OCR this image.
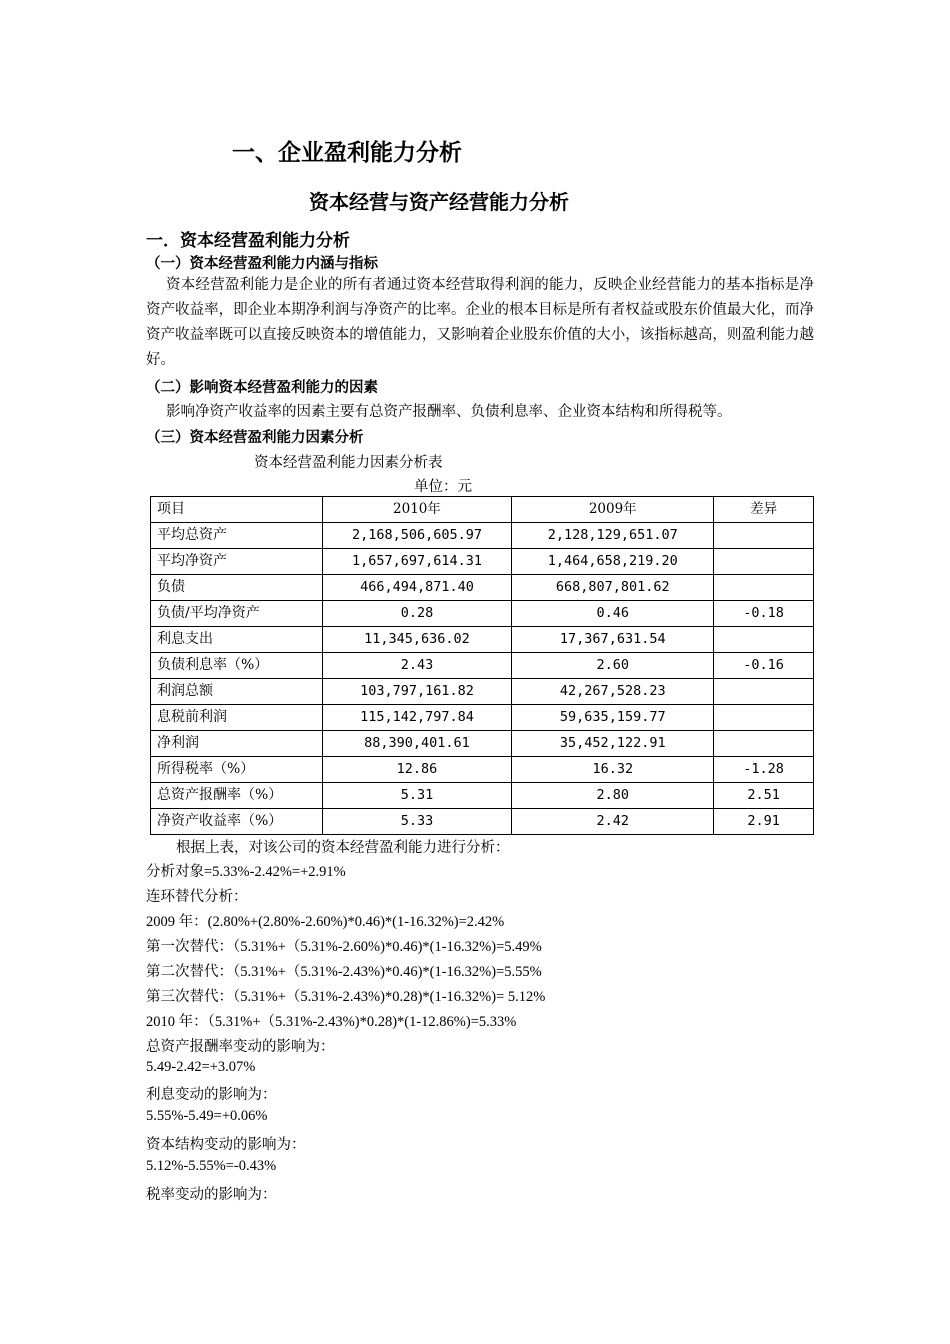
一、企业盈利能力分析
资本经营与资产经营能力分析
一．资本经营盈利能力分析
（一）资本经营盈利能力内涵与指标
资本经营盈利能力是企业的所有者通过资本经营取得利润的能力，反映企业经营能力的基本指标是净资产收益率，即企业本期净利润与净资产的比率。企业的根本目标是所有者权益或股东价值最大化，而净资产收益率既可以直接反映资本的增值能力，又影响着企业股东价值的大小，该指标越高，则盈利能力越好。
（二）影响资本经营盈利能力的因素
影响净资产收益率的因素主要有总资产报酬率、负债利息率、企业资本结构和所得税等。
（三）资本经营盈利能力因素分析
资本经营盈利能力因素分析表
单位：元
项目	2010年	2009年	差异
平均总资产	2,168,506,605.97	2,128,129,651.07	
平均净资产	1,657,697,614.31	1,464,658,219.20	
负债	466,494,871.40	668,807,801.62	
负债/平均净资产	0.28	0.46	-0.18
利息支出	11,345,636.02	17,367,631.54	
负债利息率（%）	2.43	2.60	-0.16
利润总额	103,797,161.82	42,267,528.23	
息税前利润	115,142,797.84	59,635,159.77	
净利润	88,390,401.61	35,452,122.91	
所得税率（%）	12.86	16.32	-1.28
总资产报酬率（%）	5.31	2.80	2.51
净资产收益率（%）	5.33	2.42	2.91
根据上表，对该公司的资本经营盈利能力进行分析：
分析对象=5.33%-2.42%=+2.91%
连环替代分析：
2009 年：(2.80%+(2.80%-2.60%)*0.46)*(1-16.32%)=2.42%
第一次替代：（5.31%+（5.31%-2.60%)*0.46)*(1-16.32%)=5.49%
第二次替代：（5.31%+（5.31%-2.43%)*0.46)*(1-16.32%)=5.55%
第三次替代：（5.31%+（5.31%-2.43%)*0.28)*(1-16.32%)= 5.12%
2010 年：（5.31%+（5.31%-2.43%)*0.28)*(1-12.86%)=5.33%
总资产报酬率变动的影响为：
5.49-2.42=+3.07%
利息变动的影响为：
5.55%-5.49=+0.06%
资本结构变动的影响为：
5.12%-5.55%=-0.43%
税率变动的影响为：
